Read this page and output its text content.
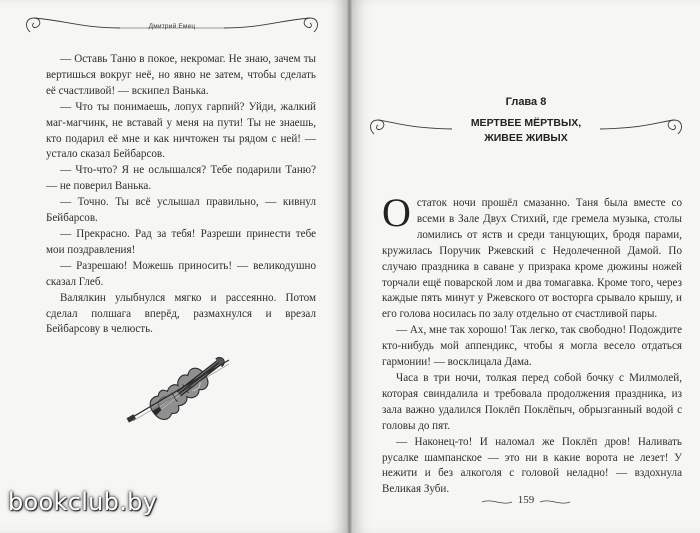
Дмитрий Емец

— Оставь Таню в покое, некромаг. Не знаю, зачем ты вертишься вокруг неё, но явно не затем, чтобы сделать её счастливой! — вскипел Ванька.

— Что ты понимаешь, лопух гарпий? Уйди, жалкий маг-магчинк, не вставай у меня на пути! Ты не знаешь, кто подарил её мне и как ничтожен ты рядом с ней! — устало сказал Бейбарсов.

— Что-что? Я не ослышался? Тебе подарили Таню? — не поверил Ванька.

— Точно. Ты всё услышал правильно, — кивнул Бейбарсов.

— Прекрасно. Рад за тебя! Разреши принести тебе мои поздравления!

— Разрешаю! Можешь приносить! — великодушно сказал Глеб.

Валялкин улыбнулся мягко и рассеянно. Потом сделал полшага вперёд, размахнулся и врезал Бейбарсову в челюсть.

bookclub.by
Глава 8
МЕРТВЕЕ МЁРТВЫХ,
ЖИВЕЕ ЖИВЫХ

Остаток ночи прошёл смазанно. Таня была вместе со всеми в Зале Двух Стихий, где гремела музыка, столы ломились от яств и среди танцующих, бродя парами, кружилась Поручик Ржевский с Недолеченной Дамой. По случаю праздника в саване у призрака кроме дюжины ножей торчали ещё поварской лом и два томагавка. Кроме того, через каждые пять минут у Ржевского от восторга срывало крышу, и его голова носилась по залу отдельно от счастливой пары.

— Ах, мне так хорошо! Так легко, так свободно! Подождите кто-нибудь мой аппендикс, чтобы я могла весело отдаться гармонии! — восклицала Дама.

Часа в три ночи, толкая перед собой бочку с Милмолей, которая свиндалила и требовала продолжения праздника, из зала важно удалился Поклёп Поклёпыч, обрызганный водой с головы до пят.

— Наконец-то! И наломал же Поклёп дров! Наливать русалке шампанское — это ни в какие ворота не лезет! У нежити и без алкоголя с головой неладно! — вздохнула Великая Зуби.

159
